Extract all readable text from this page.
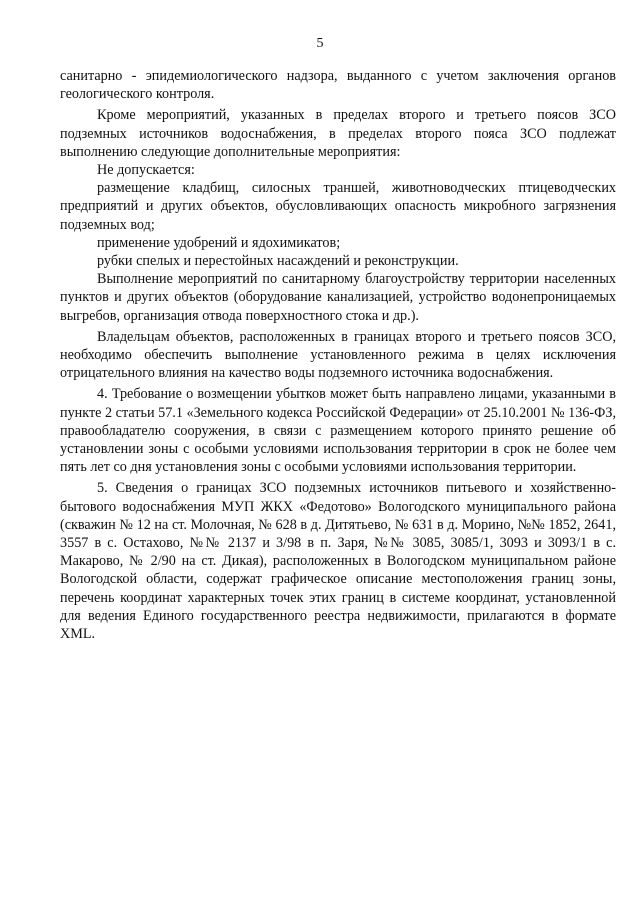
5

санитарно - эпидемиологического надзора, выданного с учетом заключения органов геологического контроля.

Кроме мероприятий, указанных в пределах второго и третьего поясов ЗСО подземных источников водоснабжения, в пределах второго пояса ЗСО подлежат выполнению следующие дополнительные мероприятия:

Не допускается:

размещение кладбищ, силосных траншей, животноводческих птицеводческих предприятий и других объектов, обусловливающих опасность микробного загрязнения подземных вод;

применение удобрений и ядохимикатов;

рубки спелых и перестойных насаждений и реконструкции.

Выполнение мероприятий по санитарному благоустройству территории населенных пунктов и других объектов (оборудование канализацией, устройство водонепроницаемых выгребов, организация отвода поверхностного стока и др.).

Владельцам объектов, расположенных в границах второго и третьего поясов ЗСО, необходимо обеспечить выполнение установленного режима в целях исключения отрицательного влияния на качество воды подземного источника водоснабжения.

4. Требование о возмещении убытков может быть направлено лицами, указанными в пункте 2 статьи 57.1 «Земельного кодекса Российской Федерации» от 25.10.2001 № 136-ФЗ, правообладателю сооружения, в связи с размещением которого принято решение об установлении зоны с особыми условиями использования территории в срок не более чем пять лет со дня установления зоны с особыми условиями использования территории.

5. Сведения о границах ЗСО подземных источников питьевого и хозяйственно-бытового водоснабжения МУП ЖКХ «Федотово» Вологодского муниципального района (скважин № 12 на ст. Молочная, № 628 в д. Дитятьево, № 631 в д. Морино, №№ 1852, 2641, 3557 в с. Остахово, №№ 2137 и 3/98 в п. Заря, №№ 3085, 3085/1, 3093 и 3093/1 в с. Макарово, № 2/90 на ст. Дикая), расположенных в Вологодском муниципальном районе Вологодской области, содержат графическое описание местоположения границ зоны, перечень координат характерных точек этих границ в системе координат, установленной для ведения Единого государственного реестра недвижимости, прилагаются в формате XML.
